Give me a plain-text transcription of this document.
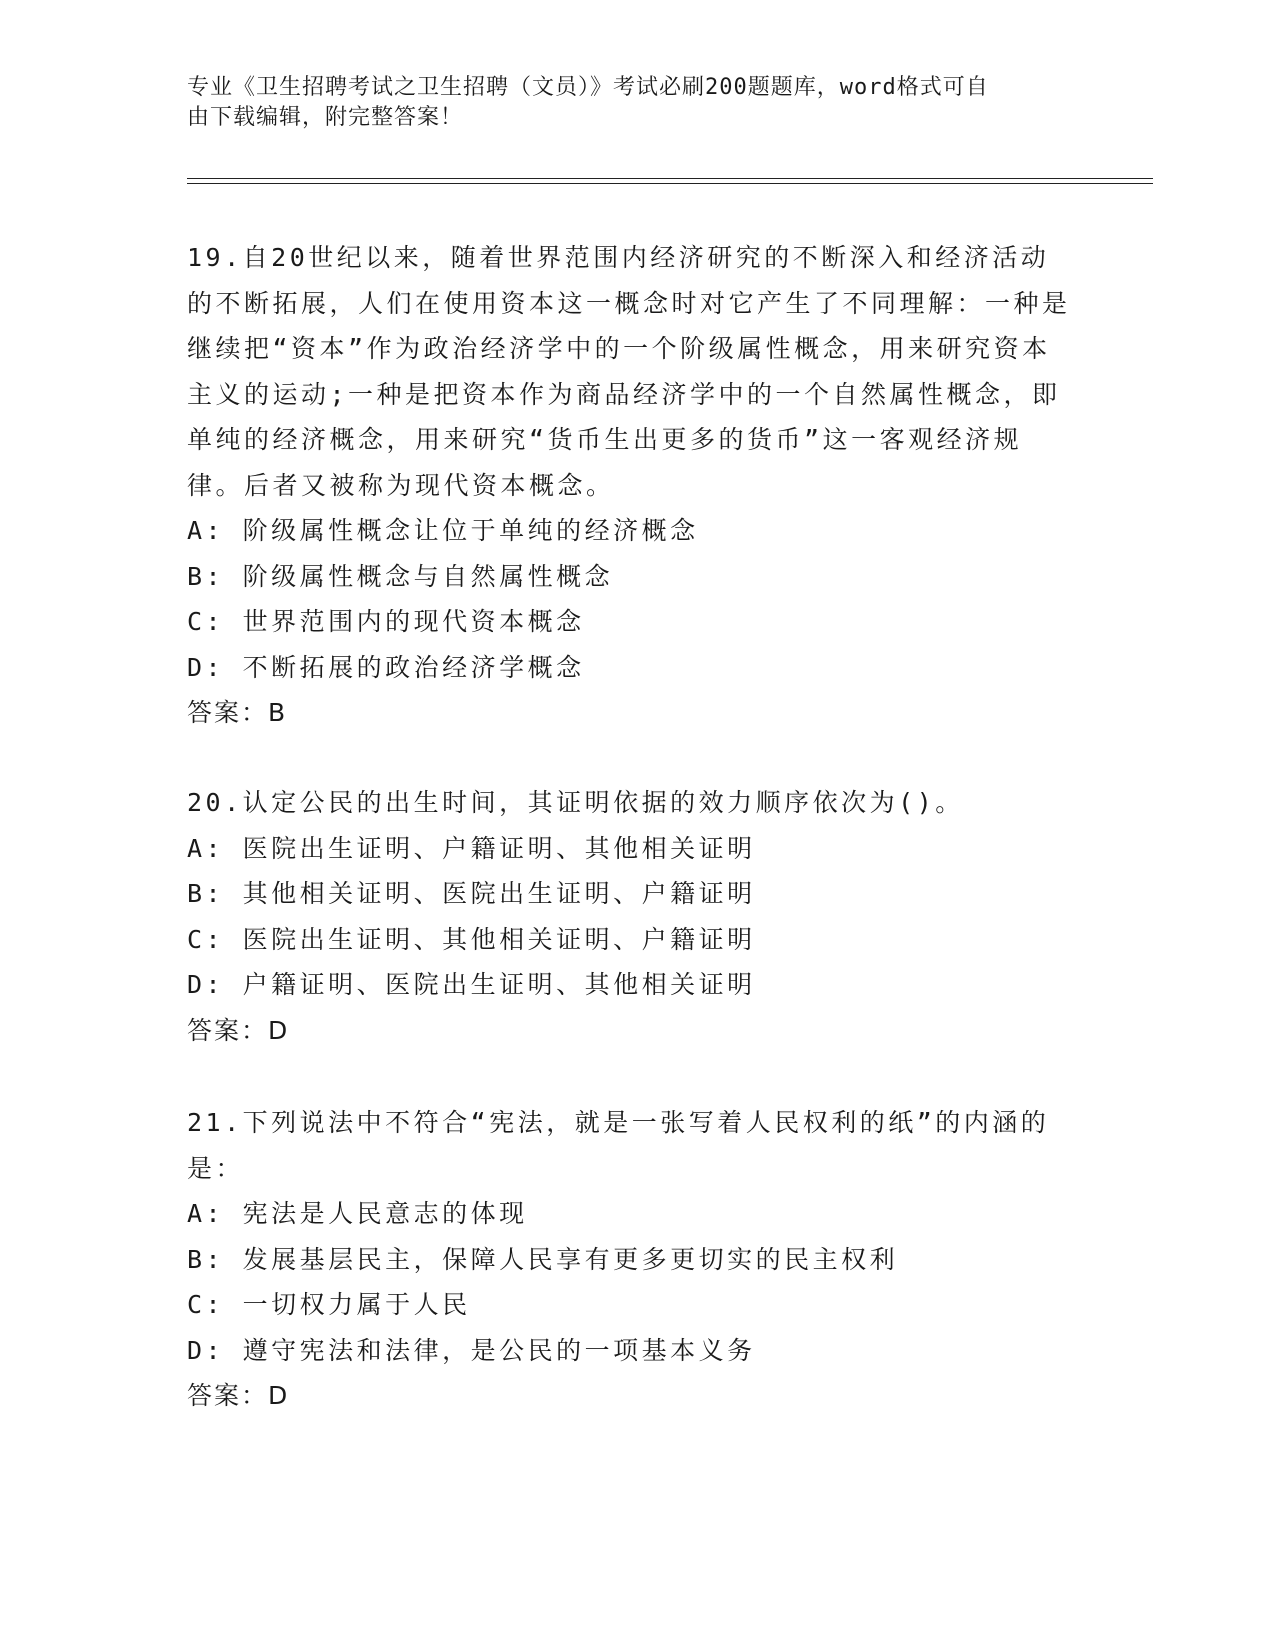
专业《卫生招聘考试之卫生招聘（文员）》考试必刷200题题库，word格式可自
由下载编辑，附完整答案！

19.自20世纪以来，随着世界范围内经济研究的不断深入和经济活动的不断拓展，人们在使用资本这一概念时对它产生了不同理解：一种是继续把“资本”作为政治经济学中的一个阶级属性概念，用来研究资本主义的运动;一种是把资本作为商品经济学中的一个自然属性概念，即单纯的经济概念，用来研究“货币生出更多的货币”这一客观经济规律。后者又被称为现代资本概念。

A: 阶级属性概念让位于单纯的经济概念

B: 阶级属性概念与自然属性概念

C: 世界范围内的现代资本概念

D: 不断拓展的政治经济学概念

答案：B

20.认定公民的出生时间，其证明依据的效力顺序依次为()。

A: 医院出生证明、户籍证明、其他相关证明

B: 其他相关证明、医院出生证明、户籍证明

C: 医院出生证明、其他相关证明、户籍证明

D: 户籍证明、医院出生证明、其他相关证明

答案：D

21.下列说法中不符合“宪法，就是一张写着人民权利的纸”的内涵的是：

A: 宪法是人民意志的体现

B: 发展基层民主，保障人民享有更多更切实的民主权利

C: 一切权力属于人民

D: 遵守宪法和法律，是公民的一项基本义务

答案：D
